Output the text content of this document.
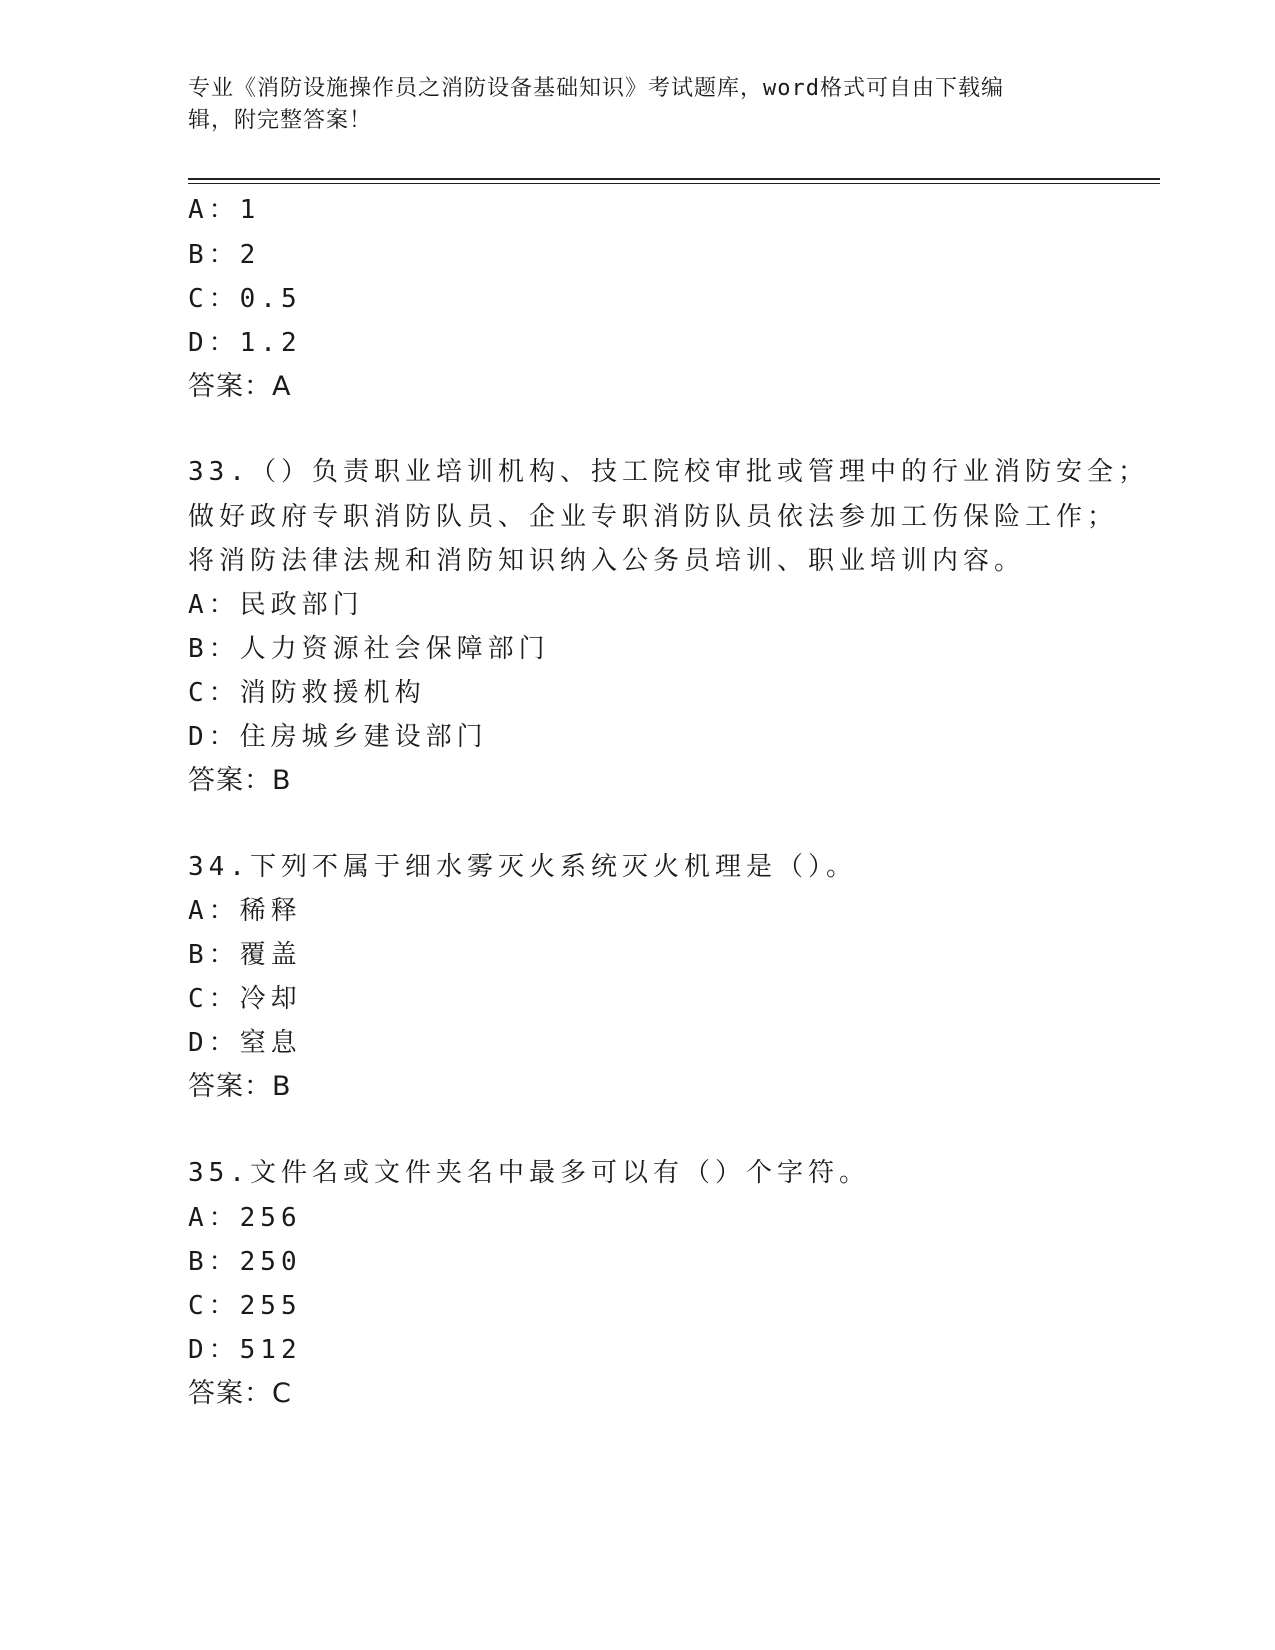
专业《消防设施操作员之消防设备基础知识》考试题库，word格式可自由下载编
辑，附完整答案！
A：1
B：2
C：0.5
D：1.2
答案：A
33.（）负责职业培训机构、技工院校审批或管理中的行业消防安全；
做好政府专职消防队员、企业专职消防队员依法参加工伤保险工作；
将消防法律法规和消防知识纳入公务员培训、职业培训内容。
A：民政部门
B：人力资源社会保障部门
C：消防救援机构
D：住房城乡建设部门
答案：B
34.下列不属于细水雾灭火系统灭火机理是（）。
A：稀释
B：覆盖
C：冷却
D：窒息
答案：B
35.文件名或文件夹名中最多可以有（）个字符。
A：256
B：250
C：255
D：512
答案：C
